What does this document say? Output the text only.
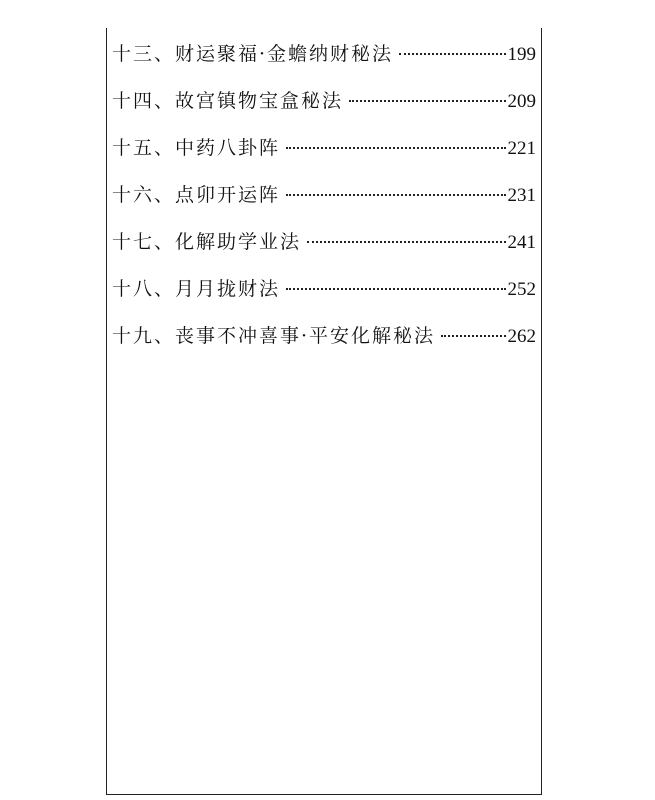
十三、财运聚福·金蟾纳财秘法	199
十四、故宫镇物宝盒秘法	209
十五、中药八卦阵	221
十六、点卯开运阵	231
十七、化解助学业法	241
十八、月月拢财法	252
十九、丧事不冲喜事·平安化解秘法	262
